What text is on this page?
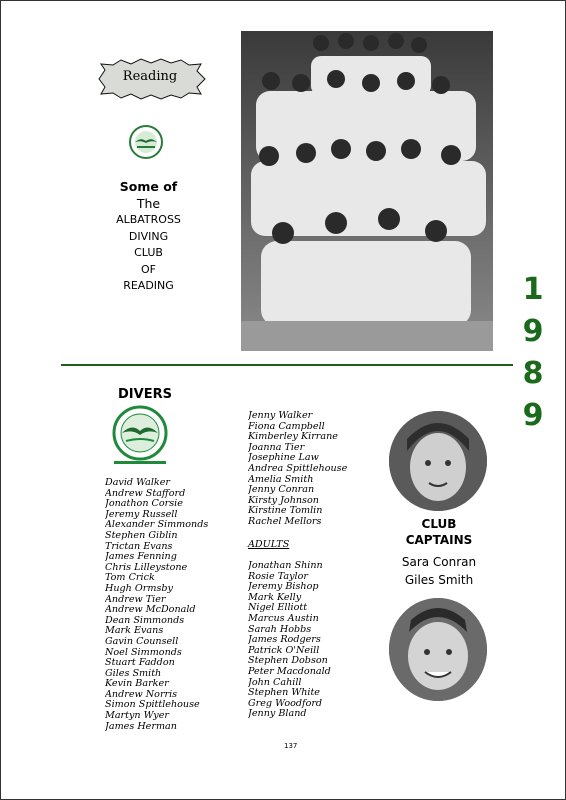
Reading
Some of
The
ALBATROSS
DIVING
CLUB
OF
READING	1
9
8
9
DIVERS
David Walker
Andrew Stafford
Jonathon Corsie
Jeremy Russell
Alexander Simmonds
Stephen Giblin
Trictan Evans
James Fenning
Chris Lilleystone
Tom Crick
Hugh Ormsby
Andrew Tier
Andrew McDonald
Dean Simmonds
Mark Evans
Gavin Counsell
Noel Simmonds
Stuart Faddon
Giles Smith
Kevin Barker
Andrew Norris
Simon Spittlehouse
Martyn Wyer
James Herman
Jenny Walker
Fiona Campbell
Kimberley Kirrane
Joanna Tier
Josephine Law
Andrea Spittlehouse
Amelia Smith
Jenny Conran
Kirsty Johnson
Kirstine Tomlin
Rachel Mellors
ADULTS
Jonathan Shinn
Rosie Taylor
Jeremy Bishop
Mark Kelly
Nigel Elliott
Marcus Austin
Sarah Hobbs
James Rodgers
Patrick O'Neill
Stephen Dobson
Peter Macdonald
John Cahill
Stephen White
Greg Woodford
Jenny Bland
CLUB
CAPTAINS
Sara Conran
Giles Smith
137
